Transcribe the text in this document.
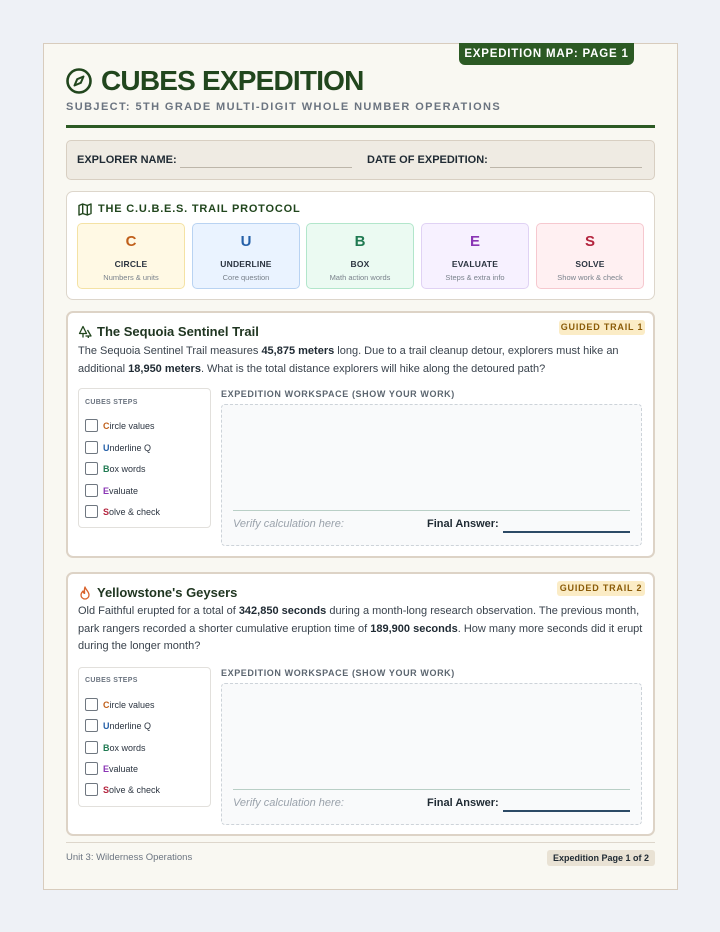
EXPEDITION MAP: PAGE 1
CUBES EXPEDITION
SUBJECT: 5TH GRADE MULTI-DIGIT WHOLE NUMBER OPERATIONS
EXPLORER NAME:	DATE OF EXPEDITION:
THE C.U.B.E.S. TRAIL PROTOCOL
C
CIRCLE
Numbers & units
U
UNDERLINE
Core question
B
BOX
Math action words
E
EVALUATE
Steps & extra info
S
SOLVE
Show work & check
The Sequoia Sentinel Trail	GUIDED TRAIL 1
The Sequoia Sentinel Trail measures 45,875 meters long. Due to a trail cleanup detour, explorers must hike an additional 18,950 meters. What is the total distance explorers will hike along the detoured path?
CUBES STEPS
Circle values
Underline Q
Box words
Evaluate
Solve & check
EXPEDITION WORKSPACE (SHOW YOUR WORK)
Verify calculation here:	Final Answer:
Yellowstone's Geysers	GUIDED TRAIL 2
Old Faithful erupted for a total of 342,850 seconds during a month-long research observation. The previous month, park rangers recorded a shorter cumulative eruption time of 189,900 seconds. How many more seconds did it erupt during the longer month?
CUBES STEPS
Circle values
Underline Q
Box words
Evaluate
Solve & check
EXPEDITION WORKSPACE (SHOW YOUR WORK)
Verify calculation here:	Final Answer:
Unit 3: Wilderness Operations	Expedition Page 1 of 2
